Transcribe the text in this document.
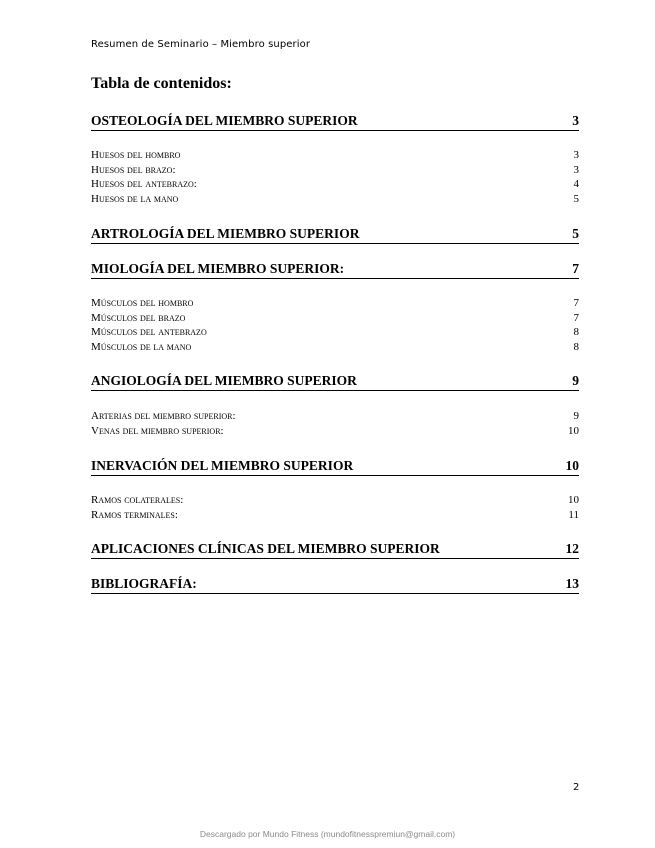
Resumen de Seminario – Miembro superior
Tabla de contenidos:
OSTEOLOGÍA DEL MIEMBRO SUPERIOR	3
Huesos del hombro	3
Huesos del brazo:	3
Huesos del antebrazo:	4
Huesos de la mano	5
ARTROLOGÍA DEL MIEMBRO SUPERIOR	5
MIOLOGÍA DEL MIEMBRO SUPERIOR:	7
Músculos del hombro	7
Músculos del brazo	7
Músculos del antebrazo	8
Músculos de la mano	8
ANGIOLOGÍA DEL MIEMBRO SUPERIOR	9
Arterias del miembro superior:	9
Venas del miembro superior:	10
INERVACIÓN DEL MIEMBRO SUPERIOR	10
Ramos colaterales:	10
Ramos terminales:	11
APLICACIONES CLÍNICAS DEL MIEMBRO SUPERIOR	12
BIBLIOGRAFÍA:	13
2
Descargado por Mundo Fitness (mundofitnesspremiun@gmail.com)
